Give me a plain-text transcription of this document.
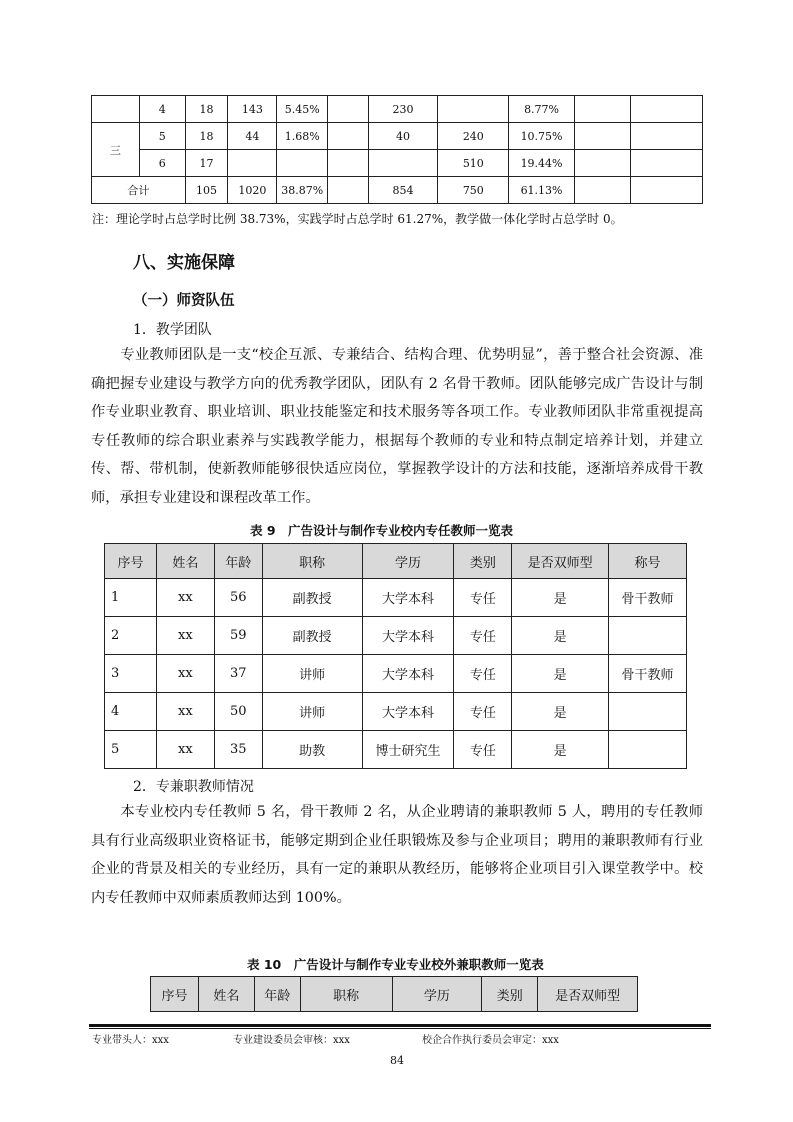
	4	18	143	5.45%		230		8.77%		
三	5	18	44	1.68%		40	240	10.75%		
	6	17					510	19.44%		
合计		105	1020	38.87%		854	750	61.13%		
注：理论学时占总学时比例 38.73%，实践学时占总学时 61.27%，教学做一体化学时占总学时 0。
八、实施保障
（一）师资队伍
1．教学团队
专业教师团队是一支“校企互派、专兼结合、结构合理、优势明显”，善于整合社会资源、准确把握专业建设与教学方向的优秀教学团队，团队有 2 名骨干教师。团队能够完成广告设计与制作专业职业教育、职业培训、职业技能鉴定和技术服务等各项工作。专业教师团队非常重视提高专任教师的综合职业素养与实践教学能力，根据每个教师的专业和特点制定培养计划，并建立传、帮、带机制，使新教师能够很快适应岗位，掌握教学设计的方法和技能，逐渐培养成骨干教师，承担专业建设和课程改革工作。
表 9　广告设计与制作专业校内专任教师一览表
序号	姓名	年龄	职称	学历	类别	是否双师型	称号
1	xx	56	副教授	大学本科	专任	是	骨干教师
2	xx	59	副教授	大学本科	专任	是	
3	xx	37	讲师	大学本科	专任	是	骨干教师
4	xx	50	讲师	大学本科	专任	是	
5	xx	35	助教	博士研究生	专任	是	
2．专兼职教师情况
本专业校内专任教师 5 名，骨干教师 2 名，从企业聘请的兼职教师 5 人，聘用的专任教师具有行业高级职业资格证书，能够定期到企业任职锻炼及参与企业项目；聘用的兼职教师有行业企业的背景及相关的专业经历，具有一定的兼职从教经历，能够将企业项目引入课堂教学中。校内专任教师中双师素质教师达到 100%。
表 10　广告设计与制作专业专业校外兼职教师一览表
序号	姓名	年龄	职称	学历	类别	是否双师型
专业带头人：xxx	专业建设委员会审核：xxx	校企合作执行委员会审定：xxx
84
